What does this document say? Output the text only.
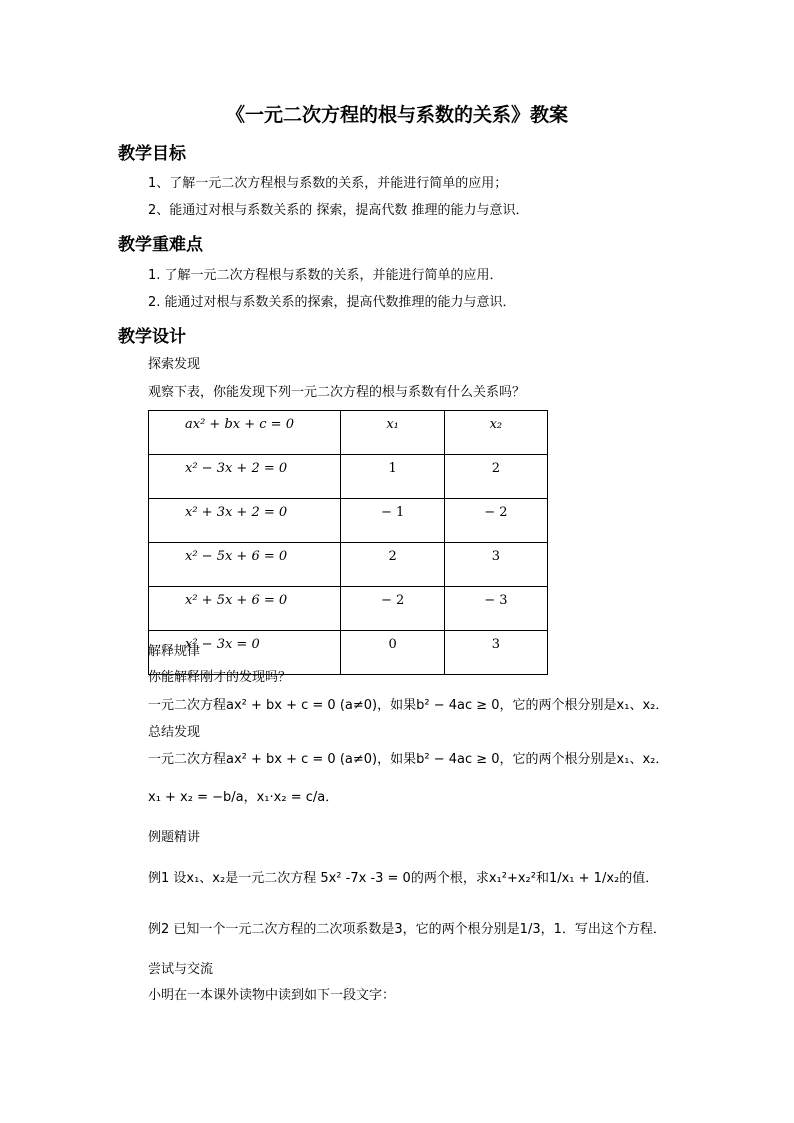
《一元二次方程的根与系数的关系》教案
教学目标
1、了解一元二次方程根与系数的关系，并能进行简单的应用；
2、能通过对根与系数关系的 探索，提高代数 推理的能力与意识．
教学重难点
1. 了解一元二次方程根与系数的关系，并能进行简单的应用．
2. 能通过对根与系数关系的探索，提高代数推理的能力与意识．
教学设计
探索发现
观察下表，你能发现下列一元二次方程的根与系数有什么关系吗？
ax² + bx + c = 0	x₁	x₂
x² − 3x + 2 = 0	1	2
x² + 3x + 2 = 0	− 1	− 2
x² − 5x + 6 = 0	2	3
x² + 5x + 6 = 0	− 2	− 3
x² − 3x = 0	0	3
解释规律
你能解释刚才的发现吗？
一元二次方程ax² + bx + c = 0 (a≠0)，如果b² − 4ac ≥ 0，它的两个根分别是x₁、x₂．
总结发现
一元二次方程ax² + bx + c = 0 (a≠0)，如果b² − 4ac ≥ 0，它的两个根分别是x₁、x₂．
x₁ + x₂ = −b/a，x₁·x₂ = c/a．
例题精讲
例1 设x₁、x₂是一元二次方程 5x² -7x -3 = 0的两个根，求x₁²+x₂²和1/x₁ + 1/x₂的值．
例2 已知一个一元二次方程的二次项系数是3，它的两个根分别是1/3，1．写出这个方程．
尝试与交流
小明在一本课外读物中读到如下一段文字：
